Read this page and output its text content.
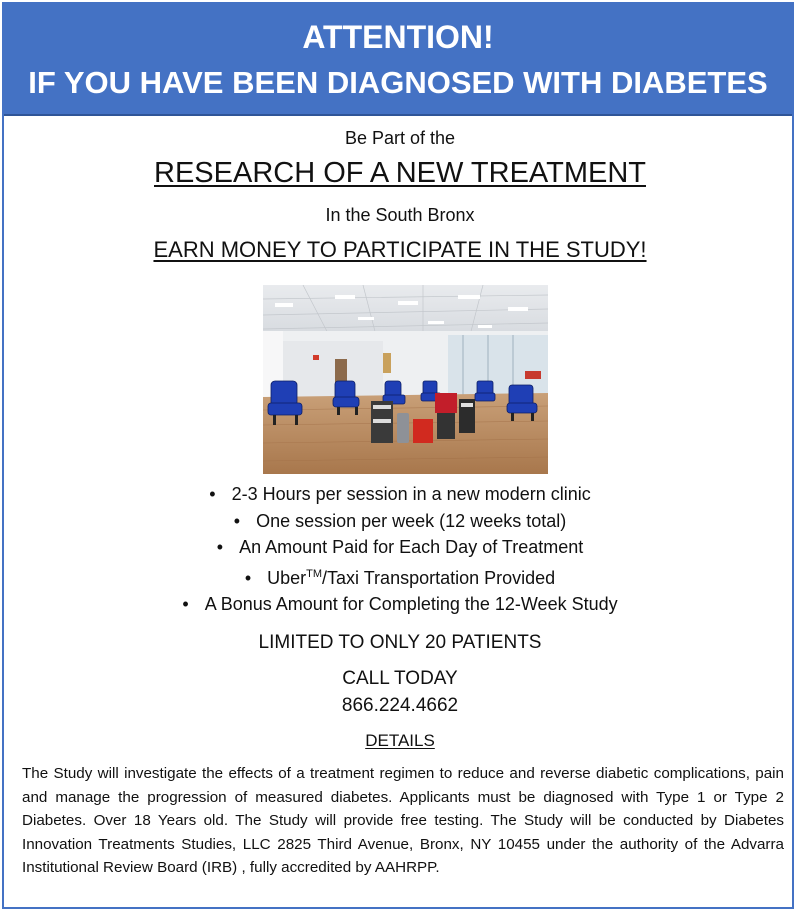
ATTENTION!
IF YOU HAVE BEEN DIAGNOSED WITH DIABETES
Be Part of the
RESEARCH OF A NEW TREATMENT
In the South Bronx
EARN MONEY TO PARTICIPATE IN THE STUDY!
• 2-3 Hours per session in a new modern clinic
• One session per week (12 weeks total)
• An Amount Paid for Each Day of Treatment
• Uber™/Taxi Transportation Provided
• A Bonus Amount for Completing the 12-Week Study
LIMITED TO ONLY 20 PATIENTS
CALL TODAY
866.224.4662
DETAILS
The Study will investigate the effects of a treatment regimen to reduce and reverse diabetic complications, pain and manage the progression of measured diabetes. Applicants must be diagnosed with Type 1 or Type 2 Diabetes. Over 18 Years old. The Study will provide free testing. The Study will be conducted by Diabetes Innovation Treatments Studies, LLC 2825 Third Avenue, Bronx, NY 10455 under the authority of the Advarra Institutional Review Board (IRB) , fully accredited by AAHRPP.
